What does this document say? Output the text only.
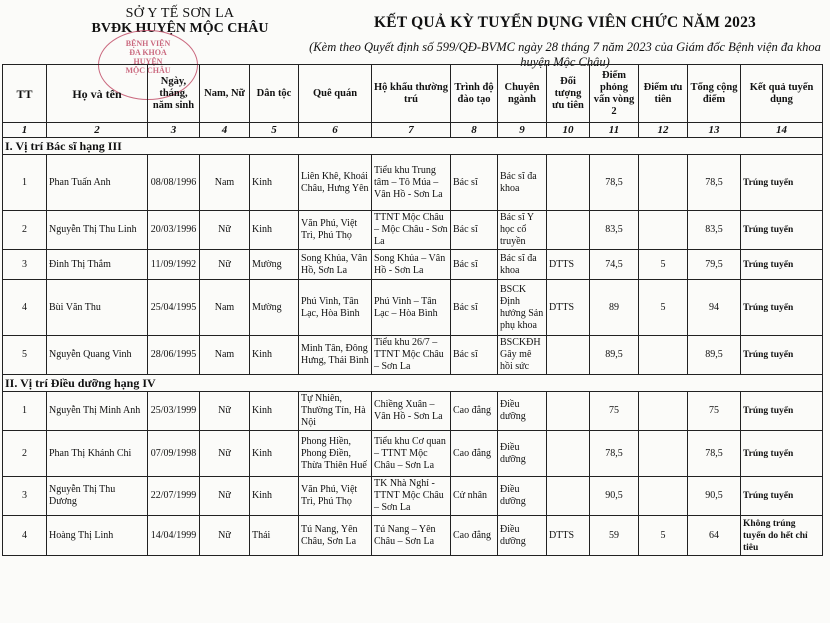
SỞ Y TẾ SƠN LA
BVĐK HUYỆN MỘC CHÂU
BỆNH VIỆN
ĐA KHOA
HUYỆN
MỘC CHÂU
KẾT QUẢ KỲ TUYỂN DỤNG VIÊN CHỨC NĂM 2023
(Kèm theo Quyết định số 599/QĐ-BVMC ngày 28 tháng 7 năm 2023 của Giám đốc Bệnh viện đa khoa huyện Mộc Châu)
TT	Họ và tên	Ngày, tháng, năm sinh	Nam, Nữ	Dân tộc	Quê quán	Hộ khẩu thường trú	Trình độ đào tạo	Chuyên ngành	Đối tượng ưu tiên	Điểm phỏng vấn vòng 2	Điểm ưu tiên	Tổng cộng điểm	Kết quả tuyển dụng
1	2	3	4	5	6	7	8	9	10	11	12	13	14
I. Vị trí Bác sĩ hạng III													
1	Phan Tuấn Anh	08/08/1996	Nam	Kinh	Liên Khê, Khoái Châu, Hưng Yên	Tiểu khu Trung tâm – Tô Múa – Vân Hồ - Sơn La	Bác sĩ	Bác sĩ đa khoa		78,5		78,5	Trúng tuyển
2	Nguyễn Thị Thu Linh	20/03/1996	Nữ	Kinh	Văn Phú, Việt Trì, Phú Thọ	TTNT Mộc Châu – Mộc Châu - Sơn La	Bác sĩ	Bác sĩ Y học cổ truyền		83,5		83,5	Trúng tuyển
3	Đinh Thị Thắm	11/09/1992	Nữ	Mường	Song Khủa, Vân Hồ, Sơn La	Song Khủa – Vân Hồ - Sơn La	Bác sĩ	Bác sĩ đa khoa	DTTS	74,5	5	79,5	Trúng tuyển
4	Bùi Văn Thu	25/04/1995	Nam	Mường	Phú Vinh, Tân Lạc, Hòa Bình	Phú Vinh – Tân Lạc – Hòa Bình	Bác sĩ	BSCK Định hướng Sản phụ khoa	DTTS	89	5	94	Trúng tuyển
5	Nguyễn Quang Vinh	28/06/1995	Nam	Kinh	Minh Tân, Đông Hưng, Thái Bình	Tiểu khu 26/7 – TTNT Mộc Châu – Sơn La	Bác sĩ	BSCKĐH Gây mê hồi sức		89,5		89,5	Trúng tuyển
II. Vị trí Điều dưỡng hạng IV													
1	Nguyễn Thị Minh Anh	25/03/1999	Nữ	Kinh	Tự Nhiên, Thường Tín, Hà Nội	Chiềng Xuân – Vân Hồ - Sơn La	Cao đẳng	Điều dưỡng		75		75	Trúng tuyển
2	Phan Thị Khánh Chi	07/09/1998	Nữ	Kinh	Phong Hiền, Phong Điền, Thừa Thiên Huế	Tiểu khu Cơ quan – TTNT Mộc Châu – Sơn La	Cao đẳng	Điều dưỡng		78,5		78,5	Trúng tuyển
3	Nguyễn Thị Thu Dương	22/07/1999	Nữ	Kinh	Văn Phú, Việt Trì, Phú Thọ	TK Nhà Nghỉ - TTNT Mộc Châu – Sơn La	Cử nhân	Điều dưỡng		90,5		90,5	Trúng tuyển
4	Hoàng Thị Linh	14/04/1999	Nữ	Thái	Tú Nang, Yên Châu, Sơn La	Tú Nang – Yên Châu – Sơn La	Cao đẳng	Điều dưỡng	DTTS	59	5	64	Không trúng tuyển do hết chỉ tiêu
